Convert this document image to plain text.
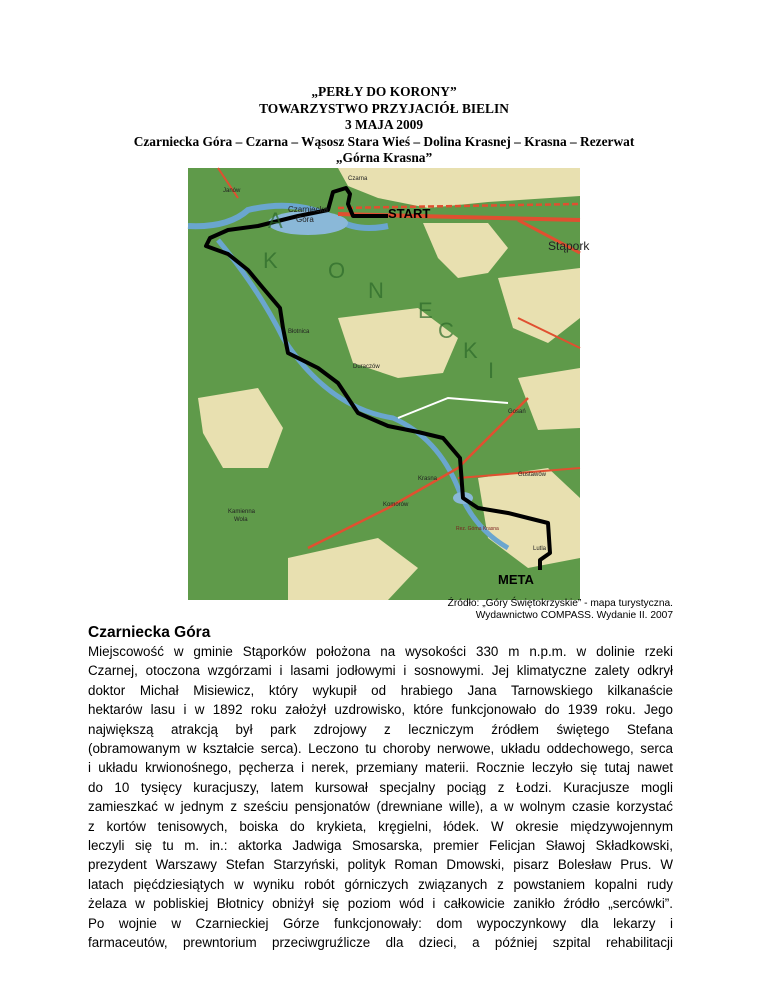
„PERŁY DO KORONY”
TOWARZYSTWO PRZYJACIÓŁ BIELIN
3 MAJA 2009
Czarniecka Góra – Czarna – Wąsosz Stara Wieś – Dolina Krasnej – Krasna – Rezerwat
„Górna Krasna”
START
META
Czarniecka
Góra
Stąpork
Janów
Czarna
Błotnica
Duraczów
Gosań
Krasna
Gustawów
Kamienna
Wola
Komorów
Lutla
Rez. Górna Krasna
A
K O
N
E
C
K
I
Źródło: „Góry Świętokrzyskie” - mapa turystyczna.
Wydawnictwo COMPASS. Wydanie II. 2007
Czarniecka Góra
Miejscowość w gminie Stąporków położona na wysokości 330 m n.p.m. w dolinie rzeki
Czarnej, otoczona wzgórzami i lasami jodłowymi i sosnowymi. Jej klimatyczne zalety odkrył
doktor Michał Misiewicz, który wykupił od hrabiego Jana Tarnowskiego kilkanaście
hektarów lasu i w 1892 roku założył uzdrowisko, które funkcjonowało do 1939 roku. Jego
największą atrakcją był park zdrojowy z leczniczym źródłem świętego Stefana
(obramowanym w kształcie serca). Leczono tu choroby nerwowe, układu oddechowego, serca
i układu krwionośnego, pęcherza i nerek, przemiany materii. Rocznie leczyło się tutaj nawet
do 10 tysięcy kuracjuszy, latem kursował specjalny pociąg z Łodzi. Kuracjusze mogli
zamieszkać w jednym z sześciu pensjonatów (drewniane wille), a w wolnym czasie korzystać
z kortów tenisowych, boiska do krykieta, kręgielni, łódek. W okresie międzywojennym
leczyli się tu m. in.: aktorka Jadwiga Smosarska, premier Felicjan Sławoj Składkowski,
prezydent Warszawy Stefan Starzyński, polityk Roman Dmowski, pisarz Bolesław Prus. W
latach pięćdziesiątych w wyniku robót górniczych związanych z powstaniem kopalni rudy
żelaza w pobliskiej Błotnicy obniżył się poziom wód i całkowicie zanikło źródło „sercówki”.
Po wojnie w Czarnieckiej Górze funkcjonowały: dom wypoczynkowy dla lekarzy i
farmaceutów, prewntorium przeciwgruźlicze dla dzieci, a później szpital rehabilitacji
